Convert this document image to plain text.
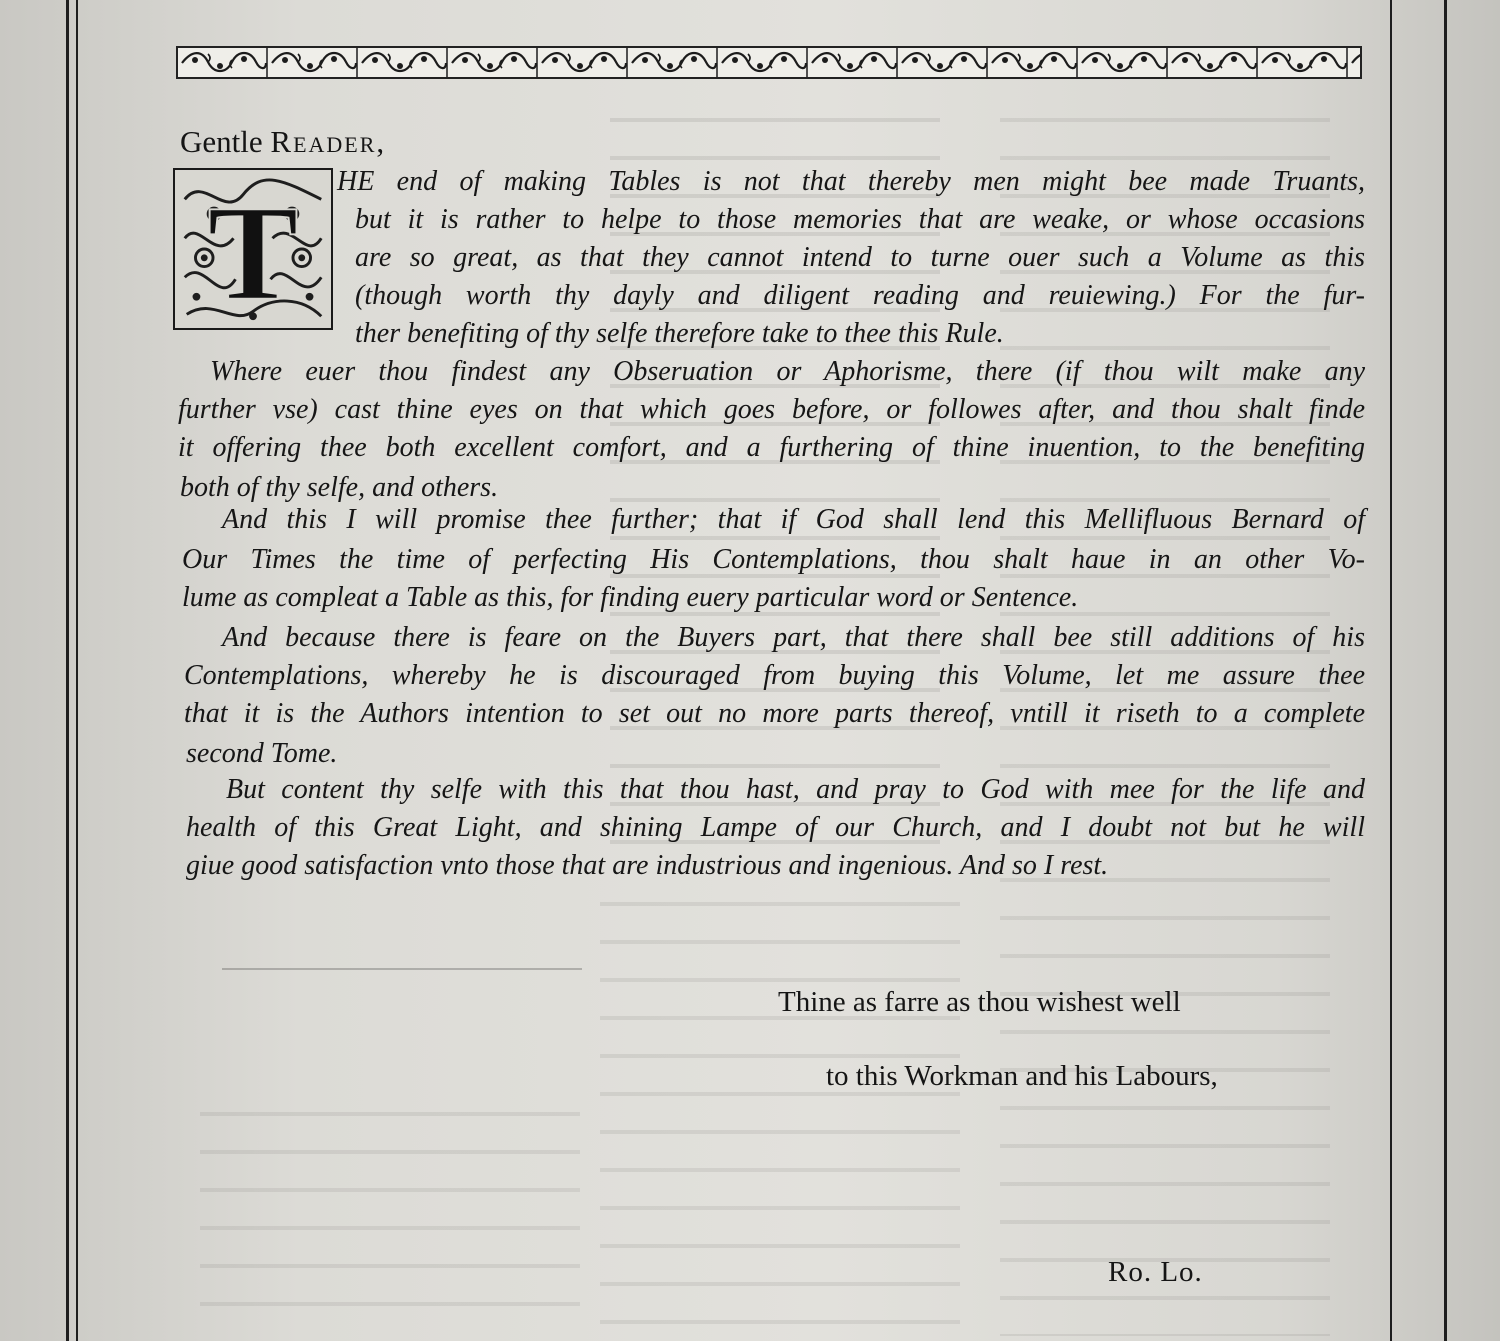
Gentle Reader,
T HE end of making Tables is not that thereby men might bee made Truants,
but it is rather to helpe to those memories that are weake, or whose occasions
are so great, as that they cannot intend to turne ouer such a Volume as this
(though worth thy dayly and diligent reading and reuiewing.) For the fur-
ther benefiting of thy selfe therefore take to thee this Rule.
Where euer thou findest any Obseruation or Aphorisme, there (if thou wilt make any
further vse) cast thine eyes on that which goes before, or followes after, and thou shalt finde
it offering thee both excellent comfort, and a furthering of thine inuention, to the benefiting
both of thy selfe, and others.
And this I will promise thee further; that if God shall lend this Mellifluous Bernard of
Our Times the time of perfecting His Contemplations, thou shalt haue in an other Vo-
lume as compleat a Table as this, for finding euery particular word or Sentence.
And because there is feare on the Buyers part, that there shall bee still additions of his
Contemplations, whereby he is discouraged from buying this Volume, let me assure thee
that it is the Authors intention to set out no more parts thereof, vntill it riseth to a complete
second Tome.
But content thy selfe with this that thou hast, and pray to God with mee for the life and
health of this Great Light, and shining Lampe of our Church, and I doubt not but he will
giue good satisfaction vnto those that are industrious and ingenious. And so I rest.
Thine as farre as thou wishest well
to this Workman and his Labours,
Ro. Lo.
